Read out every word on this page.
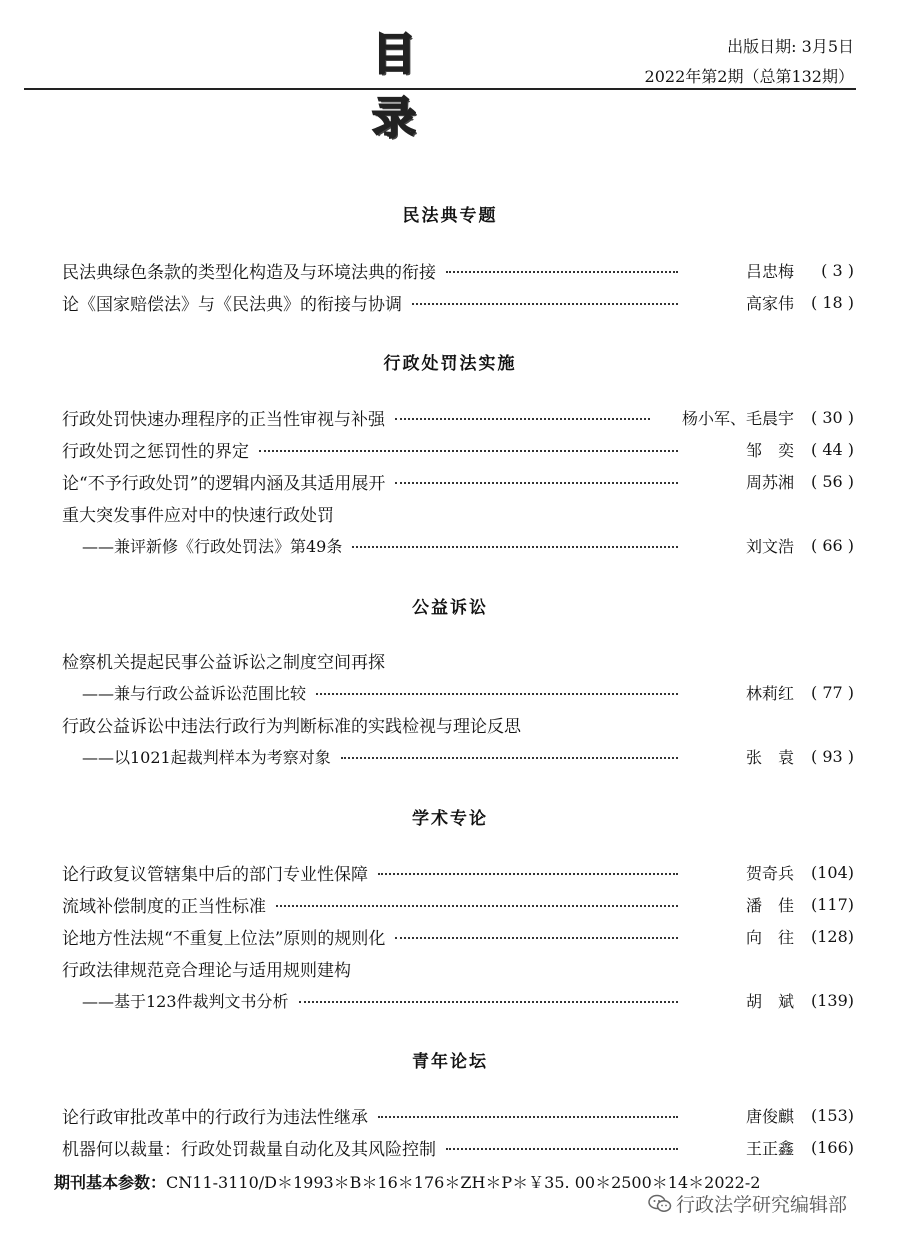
目 录
出版日期: 3月5日
2022年第2期（总第132期）
民法典专题
民法典绿色条款的类型化构造及与环境法典的衔接	吕忠梅	( 3 )
论《国家赔偿法》与《民法典》的衔接与协调	高家伟	( 18 )
行政处罚法实施
行政处罚快速办理程序的正当性审视与补强	杨小军、毛晨宇	( 30 )
行政处罚之惩罚性的界定	邹　奕	( 44 )
论“不予行政处罚”的逻辑内涵及其适用展开	周苏湘	( 56 )
重大突发事件应对中的快速行政处罚
——兼评新修《行政处罚法》第49条	刘文浩	( 66 )
公益诉讼
检察机关提起民事公益诉讼之制度空间再探
——兼与行政公益诉讼范围比较	林莉红	( 77 )
行政公益诉讼中违法行政行为判断标准的实践检视与理论反思
——以1021起裁判样本为考察对象	张　袁	( 93 )
学术专论
论行政复议管辖集中后的部门专业性保障	贺奇兵	(104)
流域补偿制度的正当性标准	潘　佳	(117)
论地方性法规“不重复上位法”原则的规则化	向　往	(128)
行政法律规范竞合理论与适用规则建构
——基于123件裁判文书分析	胡　斌	(139)
青年论坛
论行政审批改革中的行政行为违法性继承	唐俊麒	(153)
机器何以裁量：行政处罚裁量自动化及其风险控制	王正鑫	(166)
期刊基本参数：CN11-3110/D＊1993＊B＊16＊176＊ZH＊P＊￥35. 00＊2500＊14＊2022-2
行政法学研究编辑部
